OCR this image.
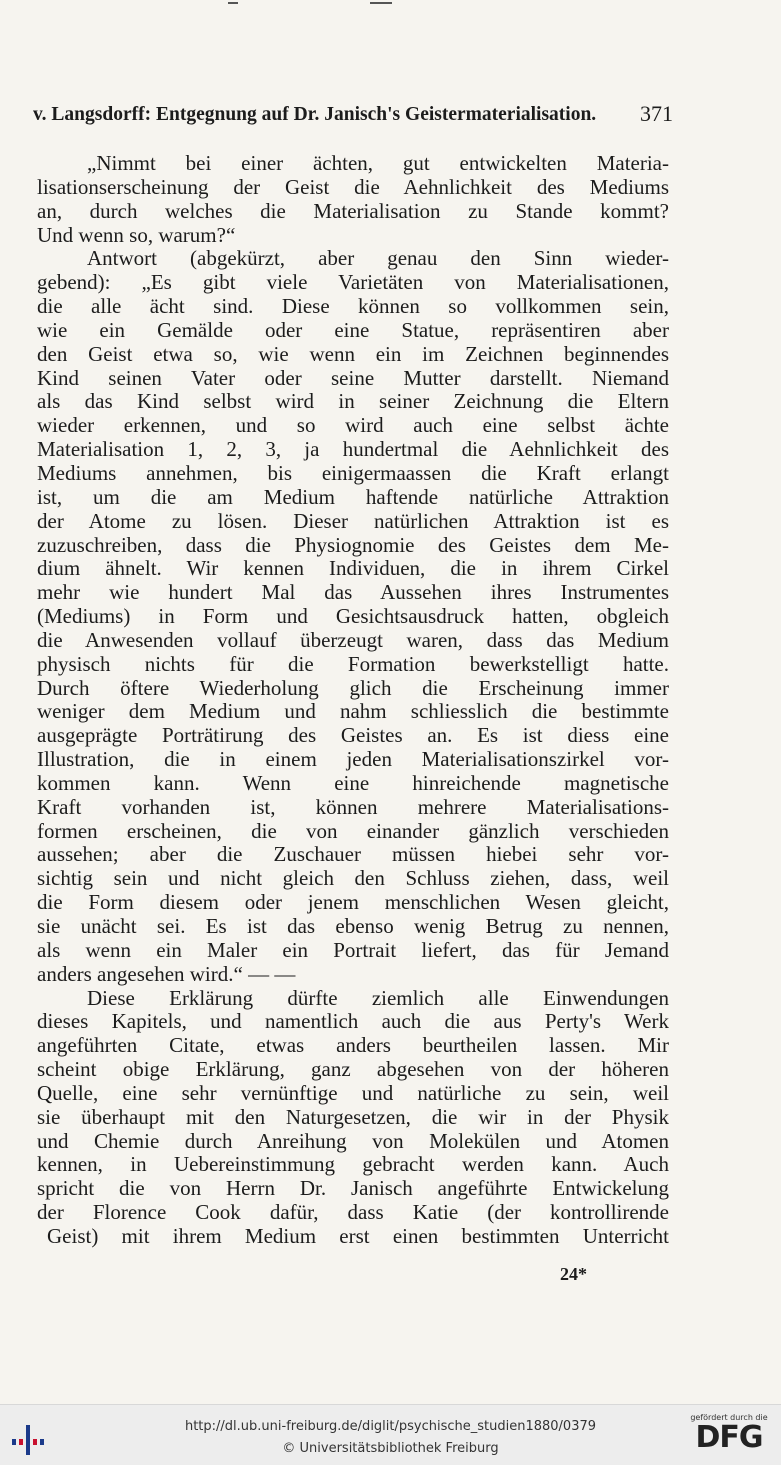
v. Langsdorff: Entgegnung auf Dr. Janisch's Geistermaterialisation. 371
„Nimmt bei einer ächten, gut entwickelten Materia-
lisationserscheinung der Geist die Aehnlichkeit des Mediums
an, durch welches die Materialisation zu Stande kommt?
Und wenn so, warum?“
Antwort (abgekürzt, aber genau den Sinn wieder-
gebend): „Es gibt viele Varietäten von Materialisationen,
die alle ächt sind. Diese können so vollkommen sein,
wie ein Gemälde oder eine Statue, repräsentiren aber
den Geist etwa so, wie wenn ein im Zeichnen beginnendes
Kind seinen Vater oder seine Mutter darstellt. Niemand
als das Kind selbst wird in seiner Zeichnung die Eltern
wieder erkennen, und so wird auch eine selbst ächte
Materialisation 1, 2, 3, ja hundertmal die Aehnlichkeit des
Mediums annehmen, bis einigermaassen die Kraft erlangt
ist, um die am Medium haftende natürliche Attraktion
der Atome zu lösen. Dieser natürlichen Attraktion ist es
zuzuschreiben, dass die Physiognomie des Geistes dem Me-
dium ähnelt. Wir kennen Individuen, die in ihrem Cirkel
mehr wie hundert Mal das Aussehen ihres Instrumentes
(Mediums) in Form und Gesichtsausdruck hatten, obgleich
die Anwesenden vollauf überzeugt waren, dass das Medium
physisch nichts für die Formation bewerkstelligt hatte.
Durch öftere Wiederholung glich die Erscheinung immer
weniger dem Medium und nahm schliesslich die bestimmte
ausgeprägte Porträtirung des Geistes an. Es ist diess eine
Illustration, die in einem jeden Materialisationszirkel vor-
kommen kann. Wenn eine hinreichende magnetische
Kraft vorhanden ist, können mehrere Materialisations-
formen erscheinen, die von einander gänzlich verschieden
aussehen; aber die Zuschauer müssen hiebei sehr vor-
sichtig sein und nicht gleich den Schluss ziehen, dass, weil
die Form diesem oder jenem menschlichen Wesen gleicht,
sie unächt sei. Es ist das ebenso wenig Betrug zu nennen,
als wenn ein Maler ein Portrait liefert, das für Jemand
anders angesehen wird.“ — —
Diese Erklärung dürfte ziemlich alle Einwendungen
dieses Kapitels, und namentlich auch die aus Perty's Werk
angeführten Citate, etwas anders beurtheilen lassen. Mir
scheint obige Erklärung, ganz abgesehen von der höheren
Quelle, eine sehr vernünftige und natürliche zu sein, weil
sie überhaupt mit den Naturgesetzen, die wir in der Physik
und Chemie durch Anreihung von Molekülen und Atomen
kennen, in Uebereinstimmung gebracht werden kann. Auch
spricht die von Herrn Dr. Janisch angeführte Entwickelung
der Florence Cook dafür, dass Katie (der kontrollirende
Geist) mit ihrem Medium erst einen bestimmten Unterricht
24*
http://dl.ub.uni-freiburg.de/diglit/psychische_studien1880/0379
© Universitätsbibliothek Freiburg
gefördert durch die
DFG
